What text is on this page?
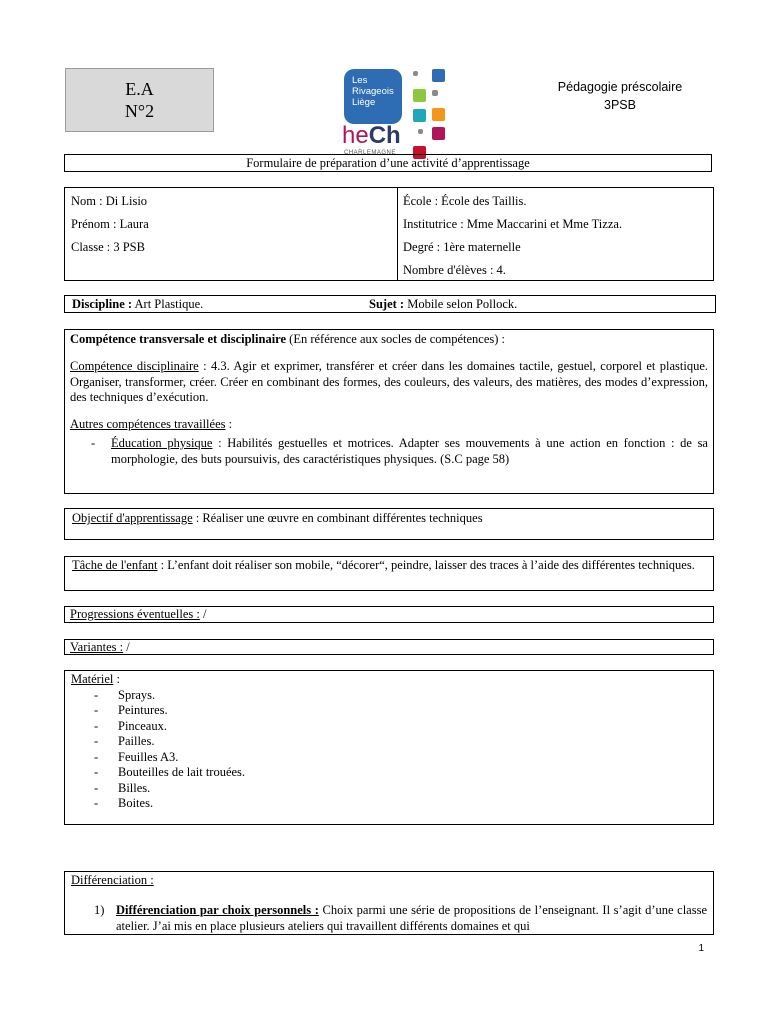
E.A
N°2
Les
Rivageois
Liège
heCh
CHARLEMAGNE
Pédagogie préscolaire
3PSB
Formulaire de préparation d’une activité d’apprentissage
Nom : Di Lisio
Prénom : Laura
Classe : 3 PSB
École : École des Taillis.
Institutrice : Mme Maccarini et Mme Tizza.
Degré : 1ère maternelle
Nombre d'élèves : 4.
Discipline : Art Plastique.	Sujet : Mobile selon Pollock.

Compétence transversale et disciplinaire (En référence aux socles de compétences) :

Compétence disciplinaire : 4.3. Agir et exprimer, transférer et créer dans les domaines tactile, gestuel, corporel et plastique. Organiser, transformer, créer. Créer en combinant des formes, des couleurs, des valeurs, des matières, des modes d’expression, des techniques d’exécution.

Autres compétences travaillées :

-	Éducation physique : Habilités gestuelles et motrices. Adapter ses mouvements à une action en fonction : de sa morphologie, des buts poursuivis, des caractéristiques physiques. (S.C page 58)
Objectif d'apprentissage : Réaliser une œuvre en combinant différentes techniques
Tâche de l'enfant : L’enfant doit réaliser son mobile, “décorer“, peindre, laisser des traces à l’aide des différentes techniques.
Progressions éventuelles : /
Variantes : /
Matériel :
-	Sprays.
-	Peintures.
-	Pinceaux.
-	Pailles.
-	Feuilles A3.
-	Bouteilles de lait trouées.
-	Billes.
-	Boites.
Différenciation :
1) Différenciation par choix personnels : Choix parmi une série de propositions de l’enseignant. Il s’agit d’une classe atelier. J’ai mis en place plusieurs ateliers qui travaillent différents domaines et qui
1
